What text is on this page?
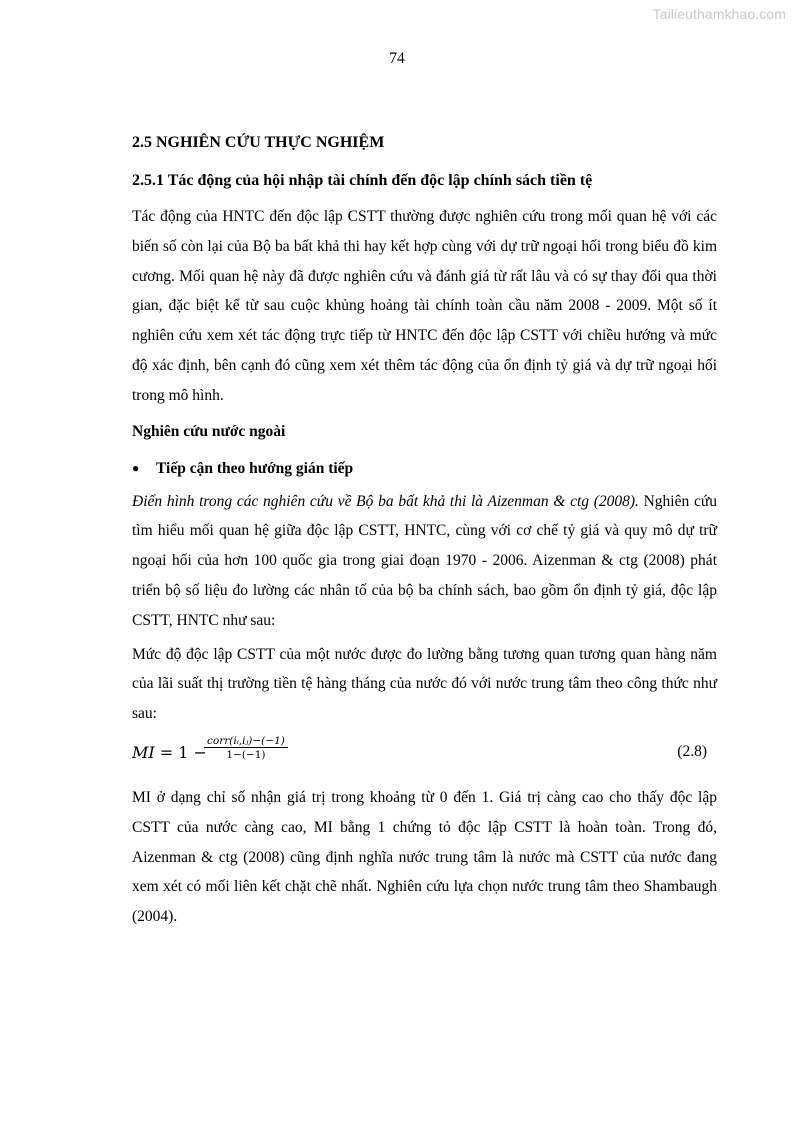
Tailieuthamkhao.com
74
2.5 NGHIÊN CỨU THỰC NGHIỆM
2.5.1 Tác động của hội nhập tài chính đến độc lập chính sách tiền tệ

Tác động của HNTC đến độc lập CSTT thường được nghiên cứu trong mối quan hệ với các biến số còn lại của Bộ ba bất khả thi hay kết hợp cùng với dự trữ ngoại hối trong biểu đồ kim cương. Mối quan hệ này đã được nghiên cứu và đánh giá từ rất lâu và có sự thay đổi qua thời gian, đặc biệt kể từ sau cuộc khủng hoảng tài chính toàn cầu năm 2008 - 2009. Một số ít nghiên cứu xem xét tác động trực tiếp từ HNTC đến độc lập CSTT với chiều hướng và mức độ xác định, bên cạnh đó cũng xem xét thêm tác động của ổn định tỷ giá và dự trữ ngoại hối trong mô hình.

Nghiên cứu nước ngoài

●	Tiếp cận theo hướng gián tiếp

Điển hình trong các nghiên cứu về Bộ ba bất khả thi là Aizenman & ctg (2008). Nghiên cứu tìm hiểu mối quan hệ giữa độc lập CSTT, HNTC, cùng với cơ chế tỷ giá và quy mô dự trữ ngoại hối của hơn 100 quốc gia trong giai đoạn 1970 - 2006. Aizenman & ctg (2008) phát triển bộ số liệu đo lường các nhân tố của bộ ba chính sách, bao gồm ổn định tỷ giá, độc lập CSTT, HNTC như sau:

Mức độ độc lập CSTT của một nước được đo lường bằng tương quan tương quan hàng năm của lãi suất thị trường tiền tệ hàng tháng của nước đó với nước trung tâm theo công thức như sau:

MI = 1 −
corr(iᵢ,iⱼ)−(−1)
1−(−1)	(2.8)

MI ở dạng chỉ số nhận giá trị trong khoảng từ 0 đến 1. Giá trị càng cao cho thấy độc lập CSTT của nước càng cao, MI bằng 1 chứng tỏ độc lập CSTT là hoàn toàn. Trong đó, Aizenman & ctg (2008) cũng định nghĩa nước trung tâm là nước mà CSTT của nước đang xem xét có mối liên kết chặt chẽ nhất. Nghiên cứu lựa chọn nước trung tâm theo Shambaugh (2004).
